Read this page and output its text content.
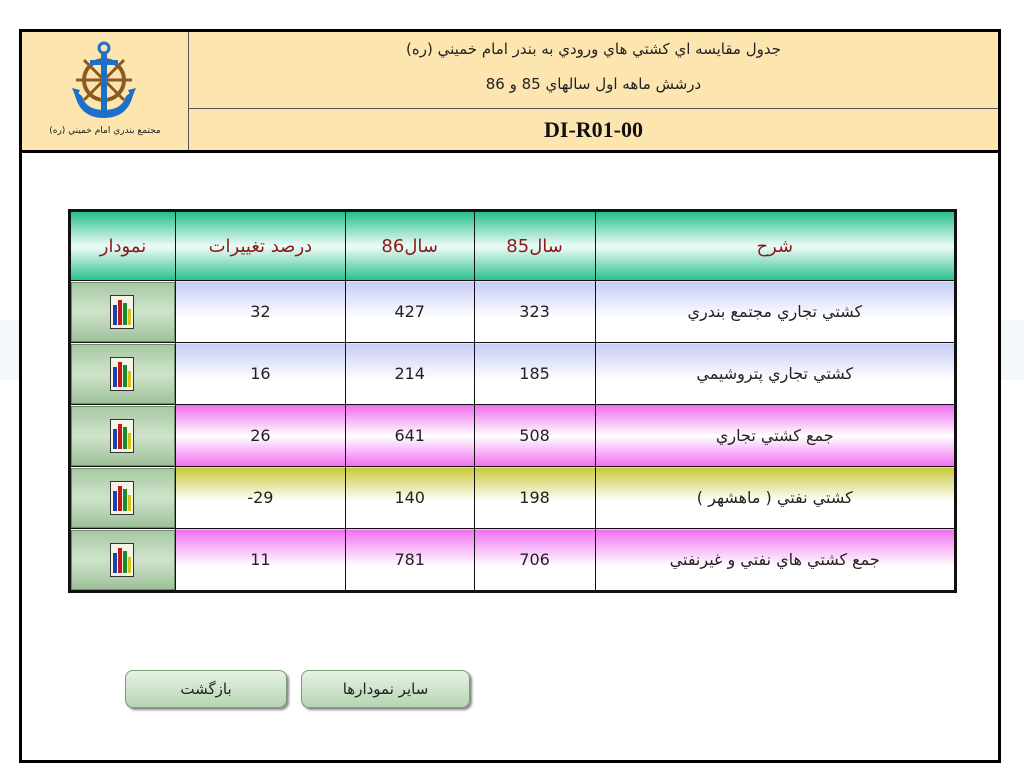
مجتمع بندري امام خميني (ره)
جدول مقايسه اي كشتي هاي ورودي به بندر امام خميني (ره)
درشش ماهه اول سالهاي 85 و 86
DI-R01-00
نمودار	درصد تغييرات	سال86	سال85	شرح

	32	427	323	كشتي تجاري مجتمع بندري

	16	214	185	كشتي تجاري پتروشيمي

	26	641	508	جمع كشتي تجاري

	-29	140	198	كشتي نفتي ( ماهشهر )

	11	781	706	جمع كشتي هاي نفتي و غيرنفتي
بازگشت	ساير نمودارها
